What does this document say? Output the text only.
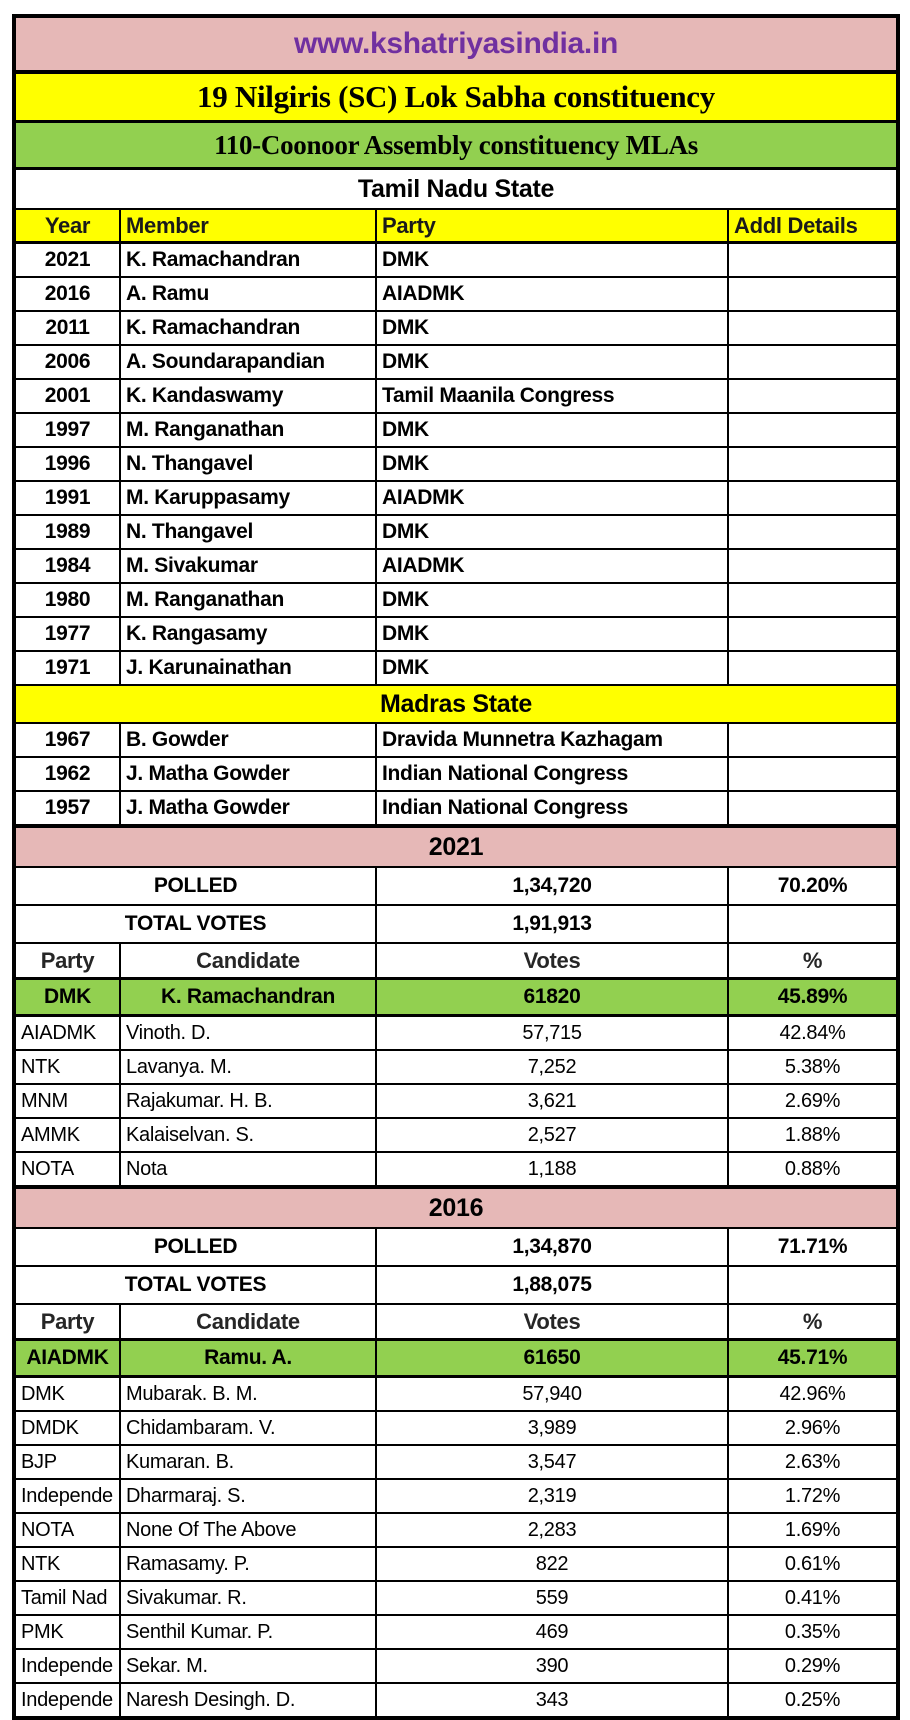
www.kshatriyasindia.in			
19 Nilgiris (SC) Lok Sabha constituency			
110-Coonoor Assembly constituency MLAs			
Tamil Nadu State			
Year	Member	Party	Addl Details
2021	K. Ramachandran	DMK	
2016	A. Ramu	AIADMK	
2011	K. Ramachandran	DMK	
2006	A. Soundarapandian	DMK	
2001	K. Kandaswamy	Tamil Maanila Congress	
1997	M. Ranganathan	DMK	
1996	N. Thangavel	DMK	
1991	M. Karuppasamy	AIADMK	
1989	N. Thangavel	DMK	
1984	M. Sivakumar	AIADMK	
1980	M. Ranganathan	DMK	
1977	K. Rangasamy	DMK	
1971	J. Karunainathan	DMK	
Madras State			
1967	B. Gowder	Dravida Munnetra Kazhagam	
1962	J. Matha Gowder	Indian National Congress	
1957	J. Matha Gowder	Indian National Congress	
2021			
POLLED		1,34,720	70.20%
TOTAL VOTES		1,91,913	
Party	Candidate	Votes	%
DMK	K. Ramachandran	61820	45.89%
AIADMK	Vinoth. D.	57,715	42.84%
NTK	Lavanya. M.	7,252	5.38%
MNM	Rajakumar. H. B.	3,621	2.69%
AMMK	Kalaiselvan. S.	2,527	1.88%
NOTA	Nota	1,188	0.88%
2016			
POLLED		1,34,870	71.71%
TOTAL VOTES		1,88,075	
Party	Candidate	Votes	%
AIADMK	Ramu. A.	61650	45.71%
DMK	Mubarak. B. M.	57,940	42.96%
DMDK	Chidambaram. V.	3,989	2.96%
BJP	Kumaran. B.	3,547	2.63%
Independe	Dharmaraj. S.	2,319	1.72%
NOTA	None Of The Above	2,283	1.69%
NTK	Ramasamy. P.	822	0.61%
Tamil Nad	Sivakumar. R.	559	0.41%
PMK	Senthil Kumar. P.	469	0.35%
Independe	Sekar. M.	390	0.29%
Independe	Naresh Desingh. D.	343	0.25%
